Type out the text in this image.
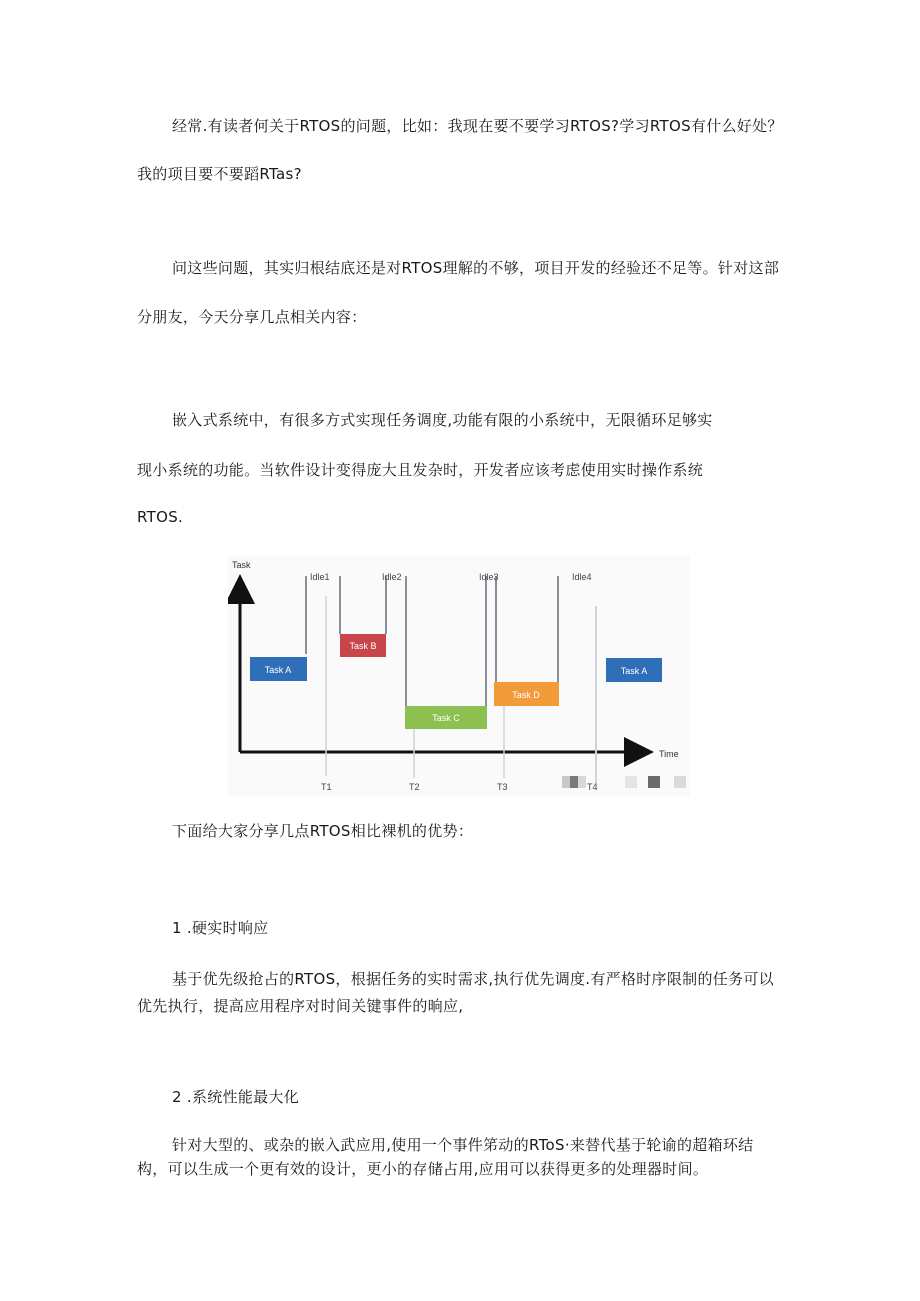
经常.有读者何关于RTOS的问题，比如：我现在要不要学习RTOS?学习RTOS有什么好处？
我的项目要不要蹈RTas?
问这些问题，其实归根结底还是对RTOS理解的不够，项目开发的经验还不足等。针对这部
分朋友，今天分享几点相关内容：
嵌入式系统中，有很多方式实现任务调度,功能有限的小系统中，无限循环足够实
现小系统的功能。当软件设计变得庞大且发杂时，开发者应该考虑使用实时操作系统
RTOS.
Task
Time
Idle1	Idle2	Idle3	Idle4
Task A
Task B
Task C
Task D
Task A
T1	T2	T3	T4
下面给大家分享几点RTOS相比裸机的优势：
1 .硬实时响应
基于优先级抢占的RTOS，根据任务的实时需求,执行优先调度.有严格时序限制的任务可以
优先执行，提高应用程序对时间关键事件的晌应,
2 .系统性能最大化
针对大型的、或杂的嵌入武应用,使用一个事件笫动的RToS·来替代基于轮谕的超箱环结
构，可以生成一个更有效的设计，更小的存储占用,应用可以获得更多的处理器时间。
